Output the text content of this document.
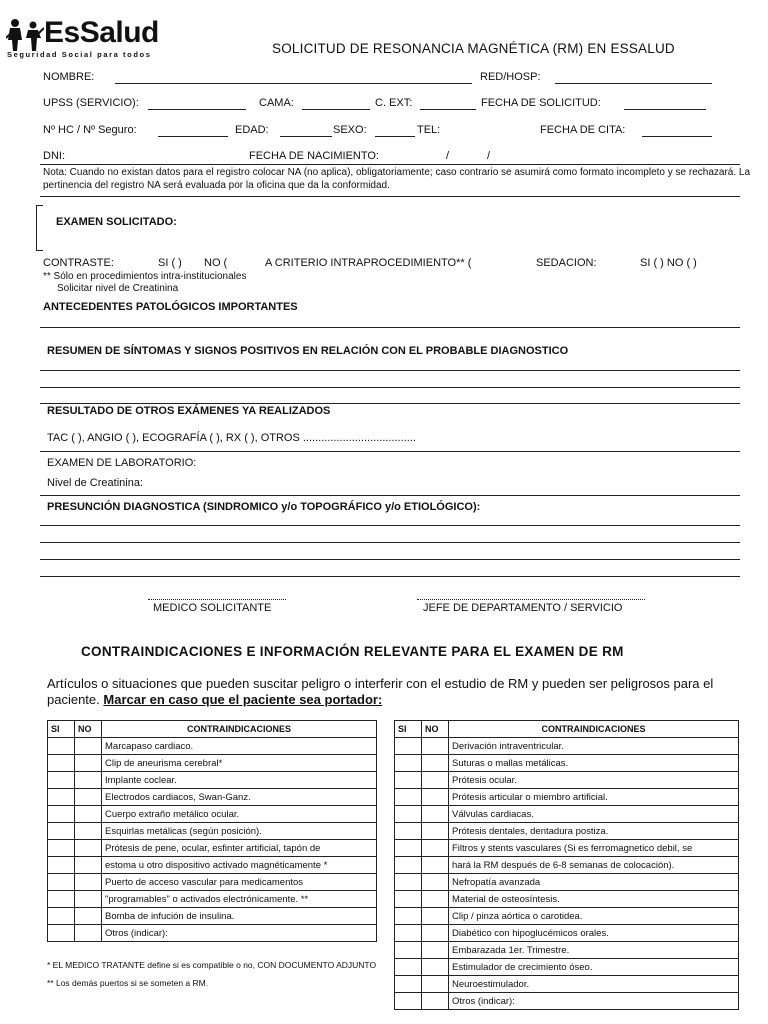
EsSalud
Seguridad Social para todos	SOLICITUD DE RESONANCIA MAGNÉTICA (RM) EN ESSALUD
NOMBRE:	RED/HOSP:
UPSS (SERVICIO):	CAMA:	C. EXT:	FECHA DE SOLICITUD:
Nº HC / Nº Seguro:	EDAD:	SEXO:	TEL:	FECHA DE CITA:
DNI:	FECHA DE NACIMIENTO:	/	/
Nota: Cuando no existan datos para el registro colocar NA (no aplica), obligatoriamente; caso contrario se asumirá como formato incompleto y se rechazará. La pertinencia del registro NA será evaluada por la oficina que da la conformidad.
EXAMEN SOLICITADO:
CONTRASTE:	SI ( ) NO (	A CRITERIO INTRAPROCEDIMIENTO** (	SEDACION:	SI ( ) NO ( )
** Sólo en procedimientos intra-institucionales
Solicitar nivel de Creatinina
ANTECEDENTES PATOLÓGICOS IMPORTANTES
RESUMEN DE SÍNTOMAS Y SIGNOS POSITIVOS EN RELACIÓN CON EL PROBABLE DIAGNOSTICO
RESULTADO DE OTROS EXÁMENES YA REALIZADOS
TAC ( ), ANGIO ( ), ECOGRAFÍA ( ), RX ( ), OTROS .....................................
EXAMEN DE LABORATORIO:
Nivel de Creatinina:
PRESUNCIÓN DIAGNOSTICA (SINDROMICO y/o TOPOGRÁFICO y/o ETIOLÓGICO):
MEDICO SOLICITANTE	JEFE DE DEPARTAMENTO / SERVICIO
CONTRAINDICACIONES E INFORMACIÓN RELEVANTE PARA EL EXAMEN DE RM
Artículos o situaciones que pueden suscitar peligro o interferir con el estudio de RM y pueden ser peligrosos para el paciente. Marcar en caso que el paciente sea portador:
SI	NO	CONTRAINDICACIONES
		Marcapaso cardiaco.
		Clip de aneurisma cerebral*
		Implante coclear.
		Electrodos cardiacos, Swan-Ganz.
		Cuerpo extraño metálico ocular.
		Esquirlas metálicas (según posición).
		Prótesis de pene, ocular, esfinter artificial, tapón de
		estoma u otro dispositivo activado magnéticamente *
		Puerto de acceso vascular para medicamentos
		"programables" o activados electrónicamente. **
		Bomba de infución de insulina.
		Otros (indicar):
SI	NO	CONTRAINDICACIONES
		Derivación intraventricular.
		Suturas o mallas metálicas.
		Prótesis ocular.
		Prótesis articular o miembro artificial.
		Válvulas cardiacas.
		Prótesis dentales, dentadura postiza.
		Filtros y stents vasculares (Si es ferromagnetico debil, se
		hará la RM después de 6-8 semanas de colocación).
		Nefropatía avanzada
		Material de osteosíntesis.
		Clip / pinza aórtica o carotidea.
		Diabético con hipoglucémicos orales.
		Embarazada 1er. Trimestre.
		Estimulador de crecimiento óseo.
		Neuroestimulador.
		Otros (indicar):
* EL MEDICO TRATANTE define si es compatible o no, CON DOCUMENTO ADJUNTO
** Los demás puertos si se someten a RM.
